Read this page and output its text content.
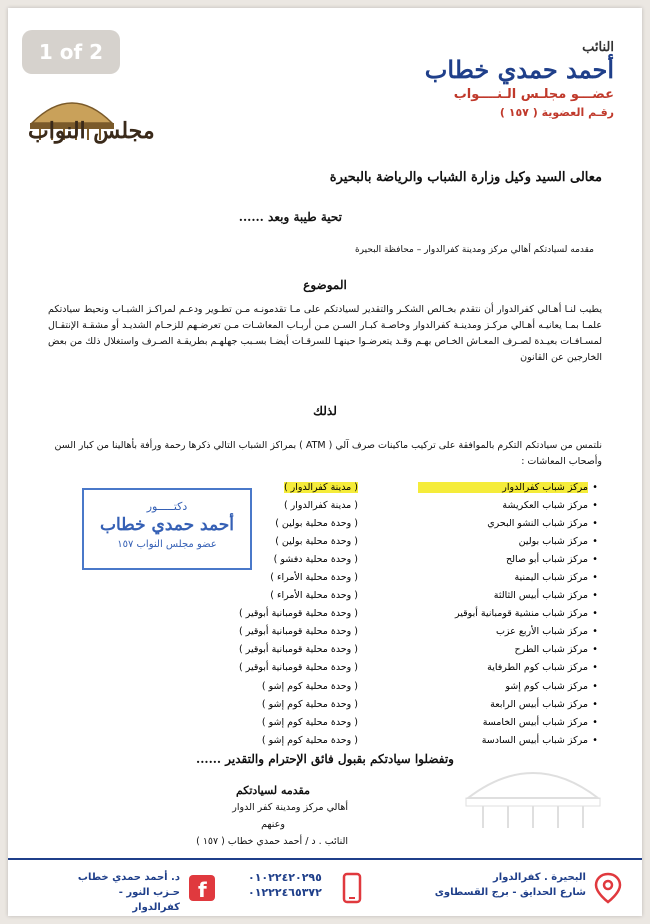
مجلس النواب
النائب
أحمد حمدي خطاب
عضـــو مجلـس الـنــــواب
رقـم العضوية ( ١٥٧ )
معالى السيد وكيل وزارة الشباب والرياضة بالبحيرة
تحية طيبة وبعد ......
مقدمه لسيادتكم أهالي مركز ومدينة كفرالدوار – محافظة البحيرة
الموضوع
يطيب لنـا أهـالي كفرالدوار أن نتقدم بخـالص الشكـر والتقدير لسيادتكم على مـا تقدمونـه مـن تطـوير ودعـم لمراكـز الشبـاب ونحيط سيادتكم علمـا بمـا يعانيـه أهـالي مركـز ومدينـة كفرالدوار وخاصـة كبـار السـن مـن أربـاب المعاشـات مـن تعرضـهم للزحـام الشديـد أو مشقـة الإنتقـال لمسـافـات بعيـدة لصـرف المعـاش الخـاص بهـم وقـد يتعرضـوا حينهـا للسرقـات أيضـا بسـبب جهلهـم بطريقـة الصـرف واستغلال ذلك من بعض الخارجين عن القانون
لذلك
نلتمس من سيادتكم التكرم بالموافقة على تركيب ماكينات صرف آلي ( ATM ) بمراكز الشباب التالي ذكرها رحمة ورأفة بأهالينا من كبار السن وأصحاب المعاشات :
•
مركز شباب كفرالدوار
( مدينة كفرالدوار )
•
مركز شباب العكريشة
( مدينة كفرالدوار )
•
مركز شباب النشو البحري
( وحدة محلية بولين )
•
مركز شباب بولين
( وحدة محلية بولين )
•
مركز شباب أبو صالح
( وحدة محلية دفشو )
•
مركز شباب اليمنية
( وحدة محلية الأمراء )
•
مركز شباب أبيس الثالثة
( وحدة محلية الأمراء )
•
مركز شباب منشية قومبانية أبوقير
( وحدة محلية قومبانية أبوقير )
•
مركز شباب الأربع عزب
( وحدة محلية قومبانية أبوقير )
•
مركز شباب الطرح
( وحدة محلية قومبانية أبوقير )
•
مركز شباب كوم الطرفاية
( وحدة محلية قومبانية أبوقير )
•
مركز شباب كوم إشو
( وحدة محلية كوم إشو )
•
مركز شباب أبيس الرابعة
( وحدة محلية كوم إشو )
•
مركز شباب أبيس الخامسة
( وحدة محلية كوم إشو )
•
مركز شباب أبيس السادسة
( وحدة محلية كوم إشو )
دكتـــــور
أحمد حمدي خطاب
عضو مجلس النواب ١٥٧
وتفضلوا سيادتكم بقبول فائق الإحترام والتقدير ......
مقدمه لسيادتكم
أهالي مركز ومدينة كفر الدوار
وعنهم
النائب . د / أحمد حمدي خطاب ( ١٥٧ )
البحيرة . كفرالدوار
شارع الحدايق - برج القسطاوى
٠١٠٢٢٤٢٠٢٩٥
٠١٢٢٢٤٦٥٣٧٢
f
د. أحمد حمدي خطاب
حـزب النور - كفرالدوار
1 of 2
